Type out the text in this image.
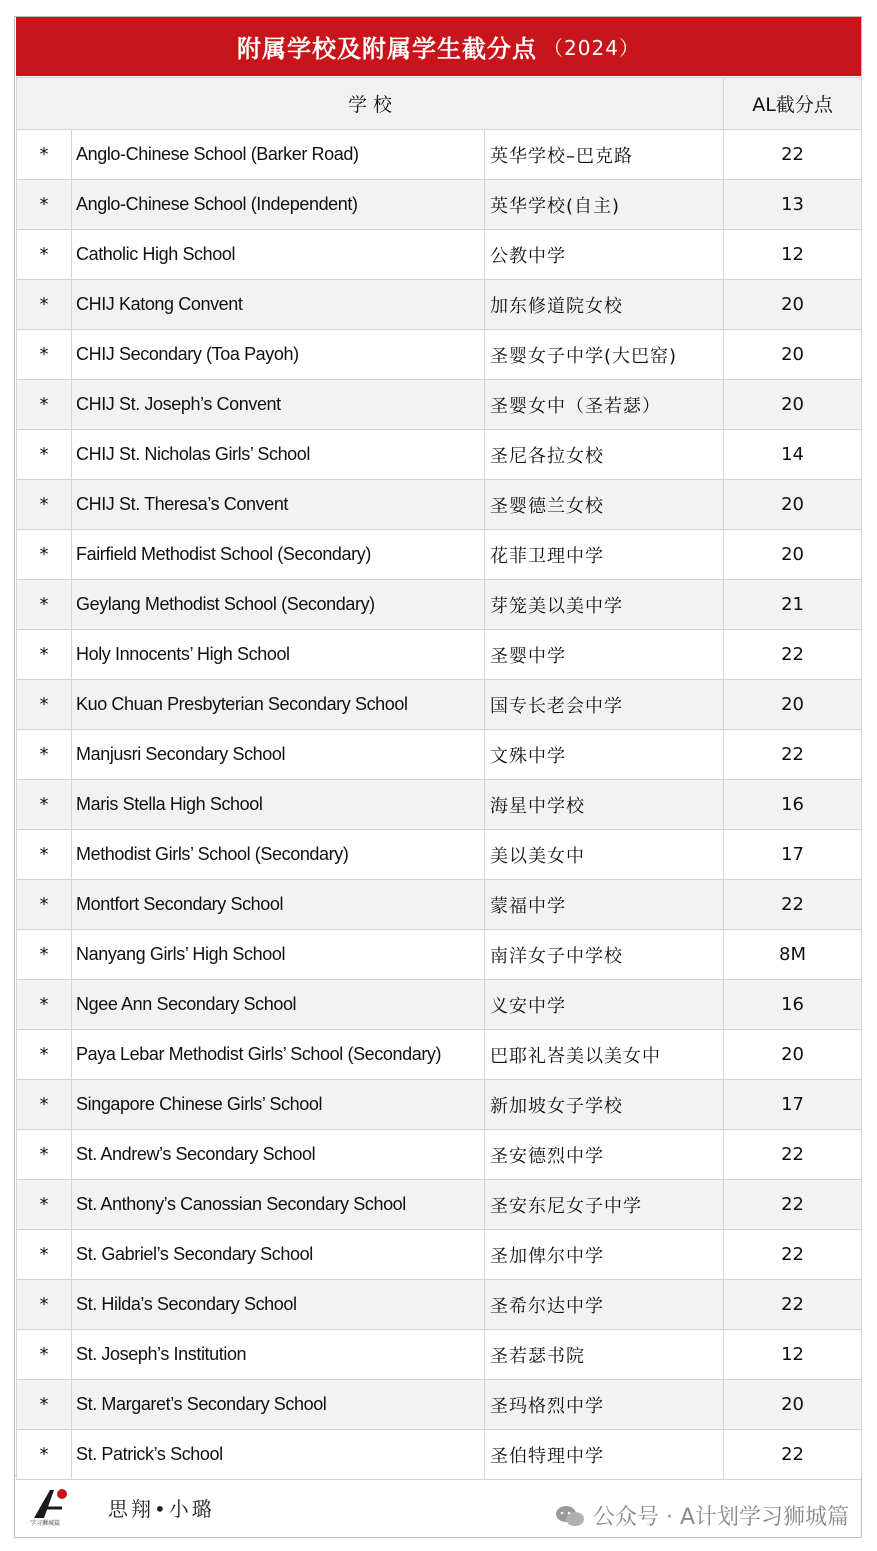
附属学校及附属学生截分点 （2024）
学 校			AL截分点
*	Anglo-Chinese School (Barker Road)	英华学校–巴克路	22
*	Anglo-Chinese School (Independent)	英华学校(自主)	13
*	Catholic High School	公教中学	12
*	CHIJ Katong Convent	加东修道院女校	20
*	CHIJ Secondary (Toa Payoh)	圣婴女子中学(大巴窑)	20
*	CHIJ St. Joseph’s Convent	圣婴女中（圣若瑟）	20
*	CHIJ St. Nicholas Girls’ School	圣尼各拉女校	14
*	CHIJ St. Theresa’s Convent	圣婴德兰女校	20
*	Fairfield Methodist School (Secondary)	花菲卫理中学	20
*	Geylang Methodist School (Secondary)	芽笼美以美中学	21
*	Holy Innocents’ High School	圣婴中学	22
*	Kuo Chuan Presbyterian Secondary School	国专长老会中学	20
*	Manjusri Secondary School	文殊中学	22
*	Maris Stella High School	海星中学校	16
*	Methodist Girls’ School (Secondary)	美以美女中	17
*	Montfort Secondary School	蒙福中学	22
*	Nanyang Girls’ High School	南洋女子中学校	8M
*	Ngee Ann Secondary School	义安中学	16
*	Paya Lebar Methodist Girls’ School (Secondary)	巴耶礼峇美以美女中	20
*	Singapore Chinese Girls’ School	新加坡女子学校	17
*	St. Andrew’s Secondary School	圣安德烈中学	22
*	St. Anthony’s Canossian Secondary School	圣安东尼女子中学	22
*	St. Gabriel’s Secondary School	圣加俾尔中学	22
*	St. Hilda’s Secondary School	圣希尔达中学	22
*	St. Joseph’s Institution	圣若瑟书院	12
*	St. Margaret’s Secondary School	圣玛格烈中学	20
*	St. Patrick’s School	圣伯特理中学	22
学习狮城篇
思翔•小璐	公众号 · A计划学习狮城篇
